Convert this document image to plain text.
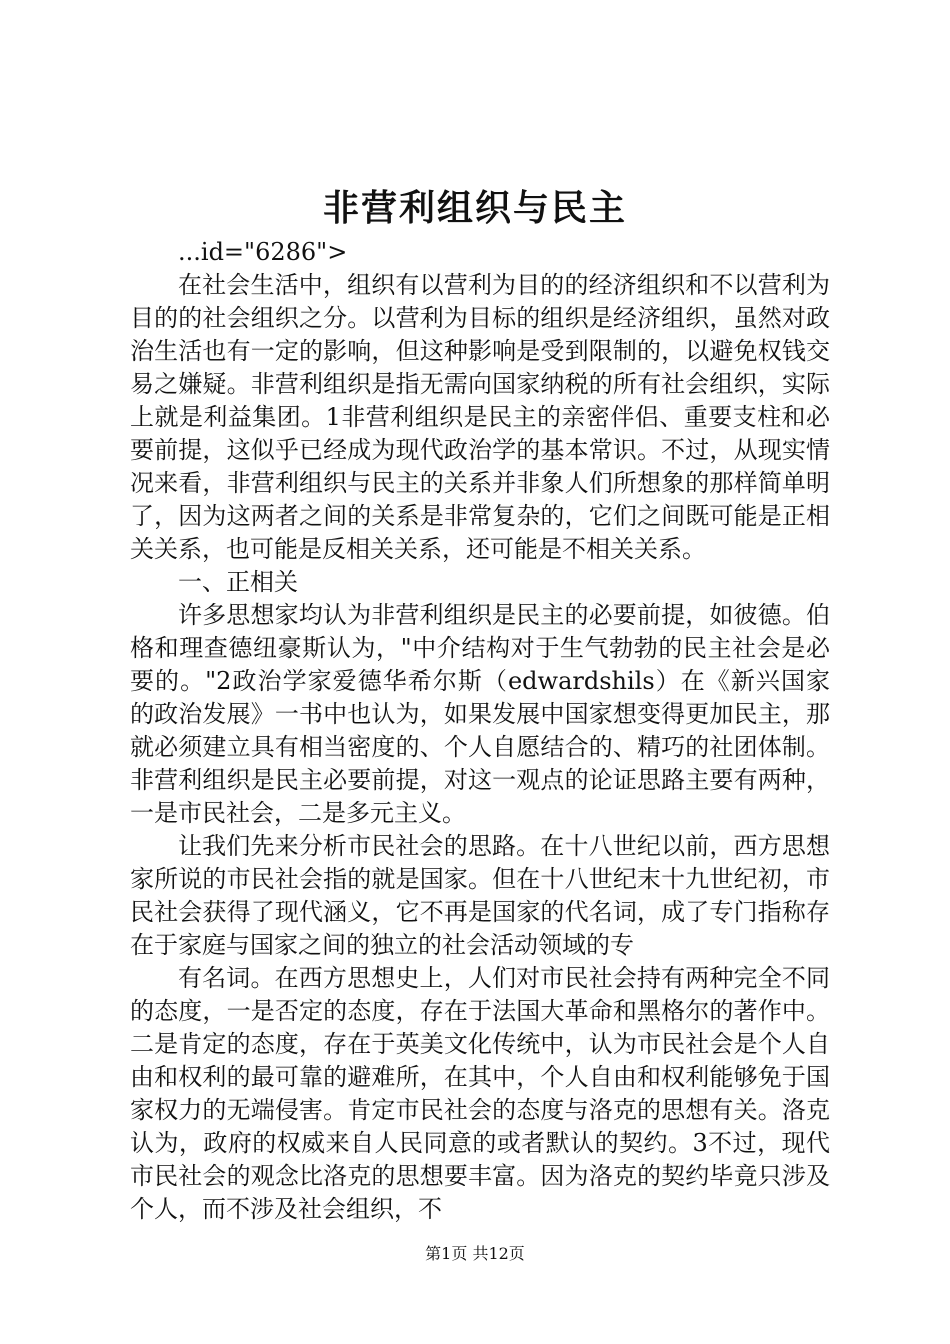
非营利组织与民主

...id="6286">

在社会生活中，组织有以营利为目的的经济组织和不以营利为目的的社会组织之分。以营利为目标的组织是经济组织，虽然对政治生活也有一定的影响，但这种影响是受到限制的，以避免权钱交易之嫌疑。非营利组织是指无需向国家纳税的所有社会组织，实际上就是利益集团。1非营利组织是民主的亲密伴侣、重要支柱和必要前提，这似乎已经成为现代政治学的基本常识。不过，从现实情况来看，非营利组织与民主的关系并非象人们所想象的那样简单明了，因为这两者之间的关系是非常复杂的，它们之间既可能是正相关关系，也可能是反相关关系，还可能是不相关关系。

一、正相关

许多思想家均认为非营利组织是民主的必要前提，如彼德。伯格和理查德纽豪斯认为，"中介结构对于生气勃勃的民主社会是必要的。"2政治学家爱德华希尔斯（edwardshils）在《新兴国家的政治发展》一书中也认为，如果发展中国家想变得更加民主，那就必须建立具有相当密度的、个人自愿结合的、精巧的社团体制。非营利组织是民主必要前提，对这一观点的论证思路主要有两种，一是市民社会，二是多元主义。

让我们先来分析市民社会的思路。在十八世纪以前，西方思想家所说的市民社会指的就是国家。但在十八世纪末十九世纪初，市民社会获得了现代涵义，它不再是国家的代名词，成了专门指称存在于家庭与国家之间的独立的社会活动领域的专

有名词。在西方思想史上，人们对市民社会持有两种完全不同的态度，一是否定的态度，存在于法国大革命和黑格尔的著作中。二是肯定的态度，存在于英美文化传统中，认为市民社会是个人自由和权利的最可靠的避难所，在其中，个人自由和权利能够免于国家权力的无端侵害。肯定市民社会的态度与洛克的思想有关。洛克认为，政府的权威来自人民同意的或者默认的契约。3不过，现代市民社会的观念比洛克的思想要丰富。因为洛克的契约毕竟只涉及个人，而不涉及社会组织，不

第1页 共12页
